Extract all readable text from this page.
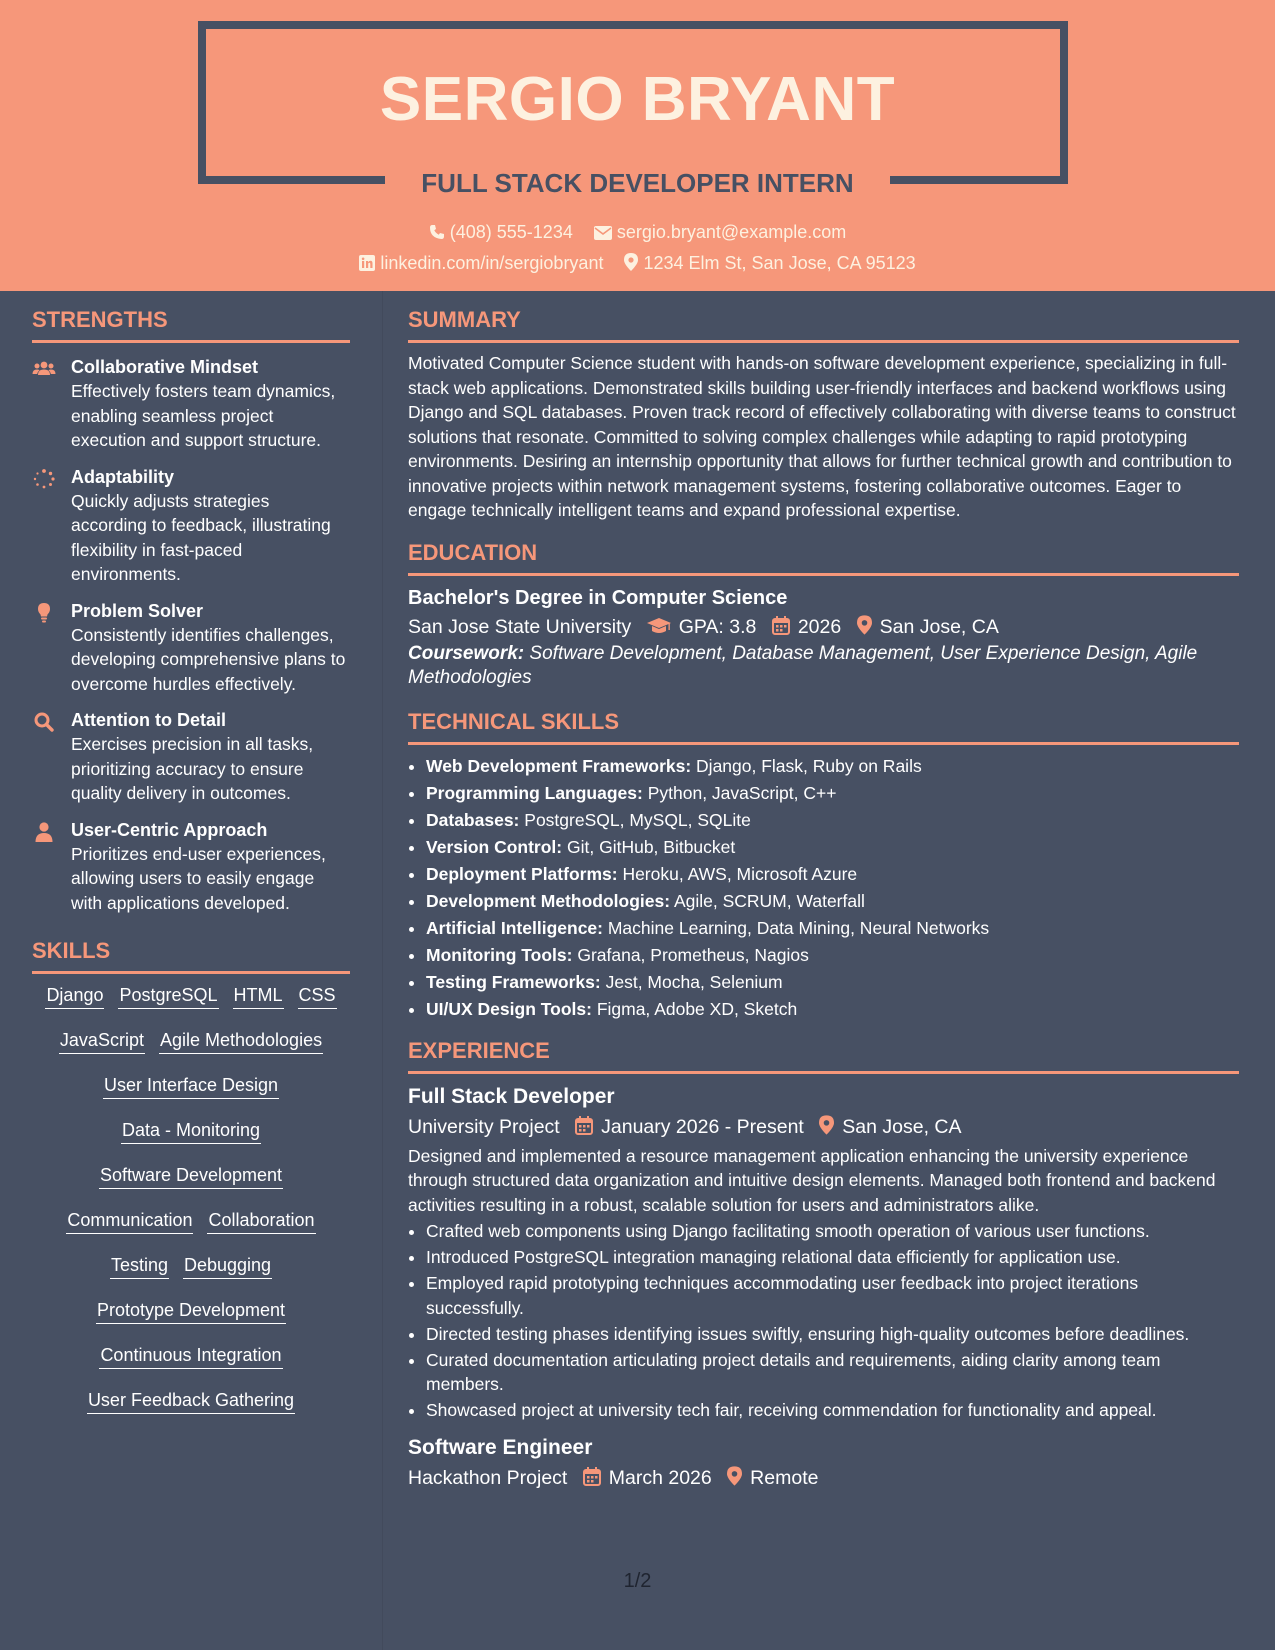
SERGIO BRYANT
FULL STACK DEVELOPER INTERN
(408) 555-1234 sergio.bryant@example.com
linkedin.com/in/sergiobryant 1234 Elm St, San Jose, CA 95123
STRENGTHS
Collaborative Mindset
Effectively fosters team dynamics, enabling seamless project execution and support structure.
Adaptability
Quickly adjusts strategies according to feedback, illustrating flexibility in fast-paced environments.
Problem Solver
Consistently identifies challenges, developing comprehensive plans to overcome hurdles effectively.
Attention to Detail
Exercises precision in all tasks, prioritizing accuracy to ensure quality delivery in outcomes.
User-Centric Approach
Prioritizes end-user experiences, allowing users to easily engage with applications developed.
SKILLS
Django PostgreSQL HTML CSS
JavaScript Agile Methodologies
User Interface Design
Data - Monitoring
Software Development
Communication Collaboration
Testing Debugging
Prototype Development
Continuous Integration
User Feedback Gathering
SUMMARY
Motivated Computer Science student with hands-on software development experience, specializing in full-stack web applications. Demonstrated skills building user-friendly interfaces and backend workflows using Django and SQL databases. Proven track record of effectively collaborating with diverse teams to construct solutions that resonate. Committed to solving complex challenges while adapting to rapid prototyping environments. Desiring an internship opportunity that allows for further technical growth and contribution to innovative projects within network management systems, fostering collaborative outcomes. Eager to engage technically intelligent teams and expand professional expertise.
EDUCATION
Bachelor's Degree in Computer Science
San Jose State University GPA: 3.8 2026 San Jose, CA
Coursework: Software Development, Database Management, User Experience Design, Agile Methodologies
TECHNICAL SKILLS
• Web Development Frameworks: Django, Flask, Ruby on Rails
• Programming Languages: Python, JavaScript, C++
• Databases: PostgreSQL, MySQL, SQLite
• Version Control: Git, GitHub, Bitbucket
• Deployment Platforms: Heroku, AWS, Microsoft Azure
• Development Methodologies: Agile, SCRUM, Waterfall
• Artificial Intelligence: Machine Learning, Data Mining, Neural Networks
• Monitoring Tools: Grafana, Prometheus, Nagios
• Testing Frameworks: Jest, Mocha, Selenium
• UI/UX Design Tools: Figma, Adobe XD, Sketch
EXPERIENCE
Full Stack Developer
University Project January 2026 - Present San Jose, CA
Designed and implemented a resource management application enhancing the university experience through structured data organization and intuitive design elements. Managed both frontend and backend activities resulting in a robust, scalable solution for users and administrators alike.
• Crafted web components using Django facilitating smooth operation of various user functions.
• Introduced PostgreSQL integration managing relational data efficiently for application use.
• Employed rapid prototyping techniques accommodating user feedback into project iterations successfully.
• Directed testing phases identifying issues swiftly, ensuring high-quality outcomes before deadlines.
• Curated documentation articulating project details and requirements, aiding clarity among team members.
• Showcased project at university tech fair, receiving commendation for functionality and appeal.
Software Engineer
Hackathon Project March 2026 Remote
1/2
